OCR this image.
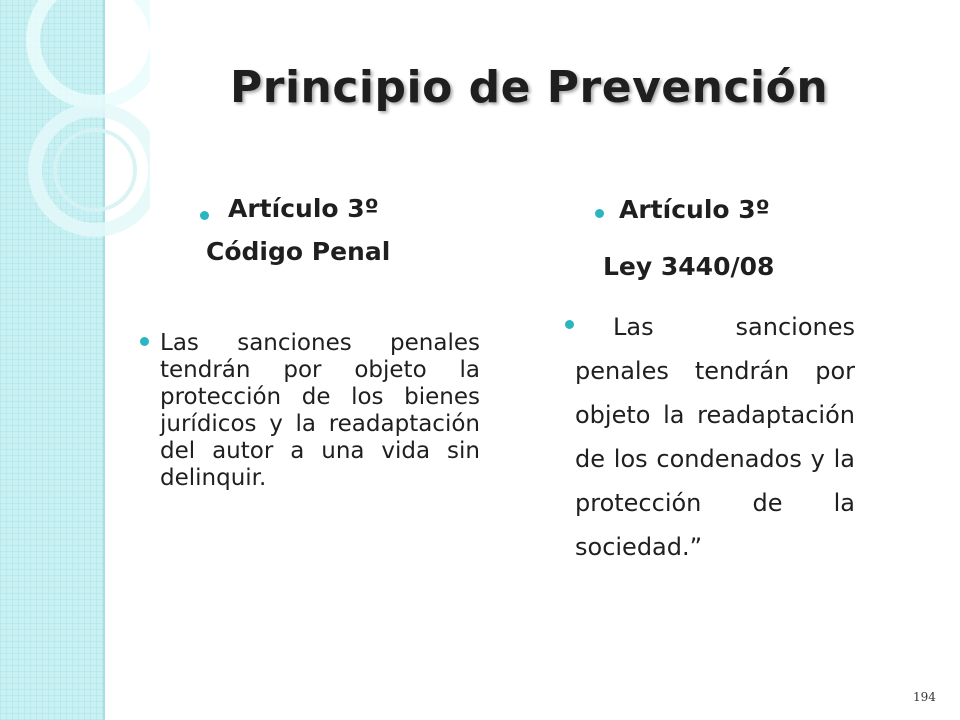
Principio de Prevención
Artículo 3º
Código Penal
Las sanciones penales tendrán por objeto la protección de los bienes jurídicos y la readaptación del autor a una vida sin delinquir.
Artículo 3º
Ley 3440/08
Las sanciones
penales tendrán por objeto la readaptación de los condenados y la protección de la sociedad.”
194
